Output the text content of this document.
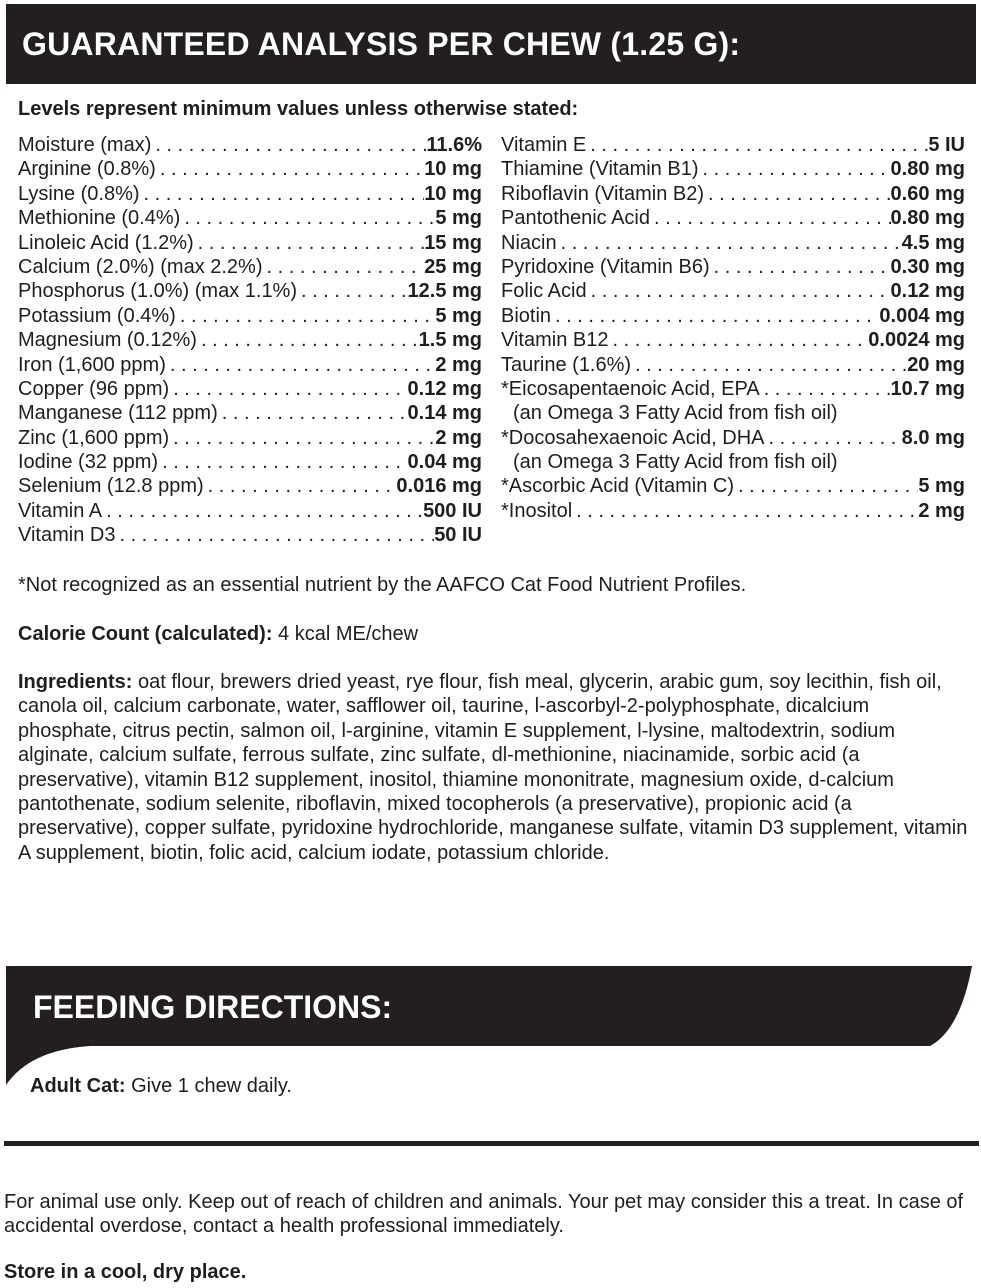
GUARANTEED ANALYSIS PER CHEW (1.25 G):
Levels represent minimum values unless otherwise stated:
Moisture (max) . . .	11.6%
Arginine (0.8%) . . .	10 mg
Lysine (0.8%) . . .	10 mg
Methionine (0.4%) . . .	5 mg
Linoleic Acid (1.2%) . . .	15 mg
Calcium (2.0%) (max 2.2%) . . .	25 mg
Phosphorus (1.0%) (max 1.1%) . . .	12.5 mg
Potassium (0.4%) . . .	5 mg
Magnesium (0.12%) . . .	1.5 mg
Iron (1,600 ppm) . . .	2 mg
Copper (96 ppm) . . .	0.12 mg
Manganese (112 ppm) . . .	0.14 mg
Zinc (1,600 ppm) . . .	2 mg
Iodine (32 ppm) . . .	0.04 mg
Selenium (12.8 ppm) . . .	0.016 mg
Vitamin A . . .	500 IU
Vitamin D3 . . .	50 IU
Vitamin E . . .	5 IU
Thiamine (Vitamin B1) . . .	0.80 mg
Riboflavin (Vitamin B2) . . .	0.60 mg
Pantothenic Acid . . .	0.80 mg
Niacin . . .	4.5 mg
Pyridoxine (Vitamin B6) . . .	0.30 mg
Folic Acid . . .	0.12 mg
Biotin . . .	0.004 mg
Vitamin B12 . . .	0.0024 mg
Taurine (1.6%) . . .	20 mg
*Eicosapentaenoic Acid, EPA . . .	10.7 mg
(an Omega 3 Fatty Acid from fish oil)
*Docosahexaenoic Acid, DHA . . .	8.0 mg
(an Omega 3 Fatty Acid from fish oil)
*Ascorbic Acid (Vitamin C) . . .	5 mg
*Inositol . . .	2 mg
*Not recognized as an essential nutrient by the AAFCO Cat Food Nutrient Profiles.
Calorie Count (calculated): 4 kcal ME/chew
Ingredients: oat flour, brewers dried yeast, rye flour, fish meal, glycerin, arabic gum, soy lecithin, fish oil, canola oil, calcium carbonate, water, safflower oil, taurine, l-ascorbyl-2-polyphosphate, dicalcium phosphate, citrus pectin, salmon oil, l-arginine, vitamin E supplement, l-lysine, maltodextrin, sodium alginate, calcium sulfate, ferrous sulfate, zinc sulfate, dl-methionine, niacinamide, sorbic acid (a preservative), vitamin B12 supplement, inositol, thiamine mononitrate, magnesium oxide, d-calcium pantothenate, sodium selenite, riboflavin, mixed tocopherols (a preservative), propionic acid (a preservative), copper sulfate, pyridoxine hydrochloride, manganese sulfate, vitamin D3 supplement, vitamin A supplement, biotin, folic acid, calcium iodate, potassium chloride.
FEEDING DIRECTIONS:
Adult Cat: Give 1 chew daily.
For animal use only. Keep out of reach of children and animals. Your pet may consider this a treat. In case of accidental overdose, contact a health professional immediately.
Store in a cool, dry place.
